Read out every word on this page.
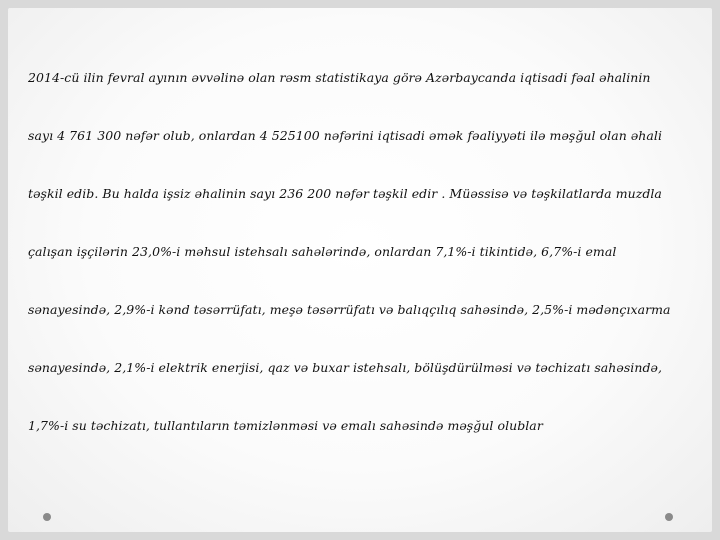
2014-cü ilin fevral ayının əvvəlinə olan rəsm statistikaya görə Azərbaycanda iqtisadi fəal əhalinin
sayı 4 761 300 nəfər olub, onlardan 4 525100 nəfərini iqtisadi əmək fəaliyyəti ilə məşğul olan əhali
təşkil edib. Bu halda işsiz əhalinin sayı 236 200 nəfər təşkil edir . Müəssisə və təşkilatlarda muzdla
çalışan işçilərin 23,0%-i məhsul istehsalı sahələrində, onlardan 7,1%-i tikintidə, 6,7%-i emal
sənayesində, 2,9%-i kənd təsərrüfatı, meşə təsərrüfatı və balıqçılıq sahəsində, 2,5%-i mədənçıxarma
sənayesində, 2,1%-i elektrik enerjisi, qaz və buxar istehsalı, bölüşdürülməsi və təchizatı sahəsində,
1,7%-i su təchizatı, tullantıların təmizlənməsi və emalı sahəsində məşğul olublar
